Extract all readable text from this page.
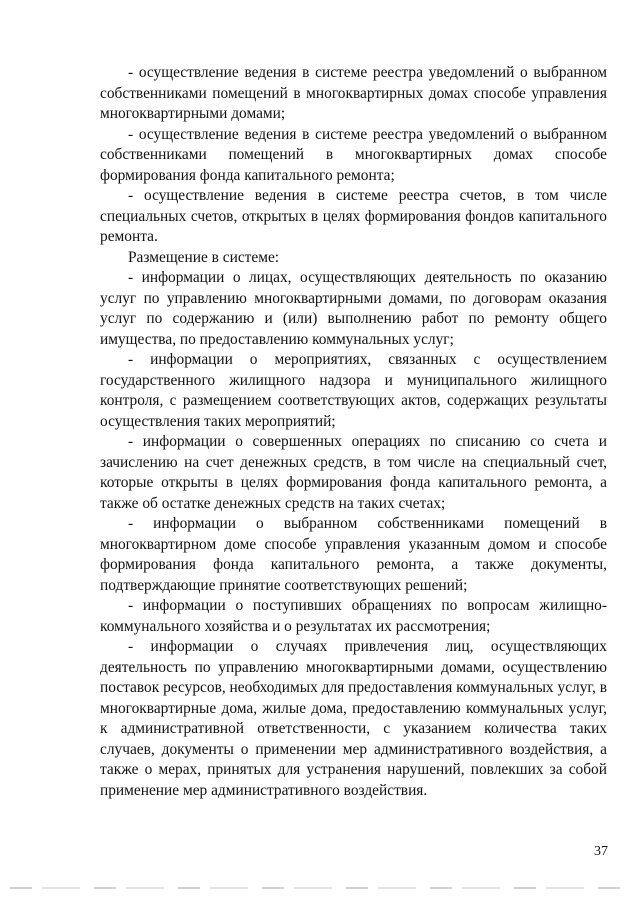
- осуществление ведения в системе реестра уведомлений о выбранном собственниками помещений в многоквартирных домах способе управления многоквартирными домами;

- осуществление ведения в системе реестра уведомлений о выбранном собственниками помещений в многоквартирных домах способе формирования фонда капитального ремонта;

- осуществление ведения в системе реестра счетов, в том числе специальных счетов, открытых в целях формирования фондов капитального ремонта.

Размещение в системе:

- информации о лицах, осуществляющих деятельность по оказанию услуг по управлению многоквартирными домами, по договорам оказания услуг по содержанию и (или) выполнению работ по ремонту общего имущества, по предоставлению коммунальных услуг;

- информации о мероприятиях, связанных с осуществлением государственного жилищного надзора и муниципального жилищного контроля, с размещением соответствующих актов, содержащих результаты осуществления таких мероприятий;

- информации о совершенных операциях по списанию со счета и зачислению на счет денежных средств, в том числе на специальный счет, которые открыты в целях формирования фонда капитального ремонта, а также об остатке денежных средств на таких счетах;

- информации о выбранном собственниками помещений в многоквартирном доме способе управления указанным домом и способе формирования фонда капитального ремонта, а также документы, подтверждающие принятие соответствующих решений;

- информации о поступивших обращениях по вопросам жилищно-коммунального хозяйства и о результатах их рассмотрения;

- информации о случаях привлечения лиц, осуществляющих деятельность по управлению многоквартирными домами, осуществлению поставок ресурсов, необходимых для предоставления коммунальных услуг, в многоквартирные дома, жилые дома, предоставлению коммунальных услуг, к административной ответственности, с указанием количества таких случаев, документы о применении мер административного воздействия, а также о мерах, принятых для устранения нарушений, повлекших за собой применение мер административного воздействия.

37
